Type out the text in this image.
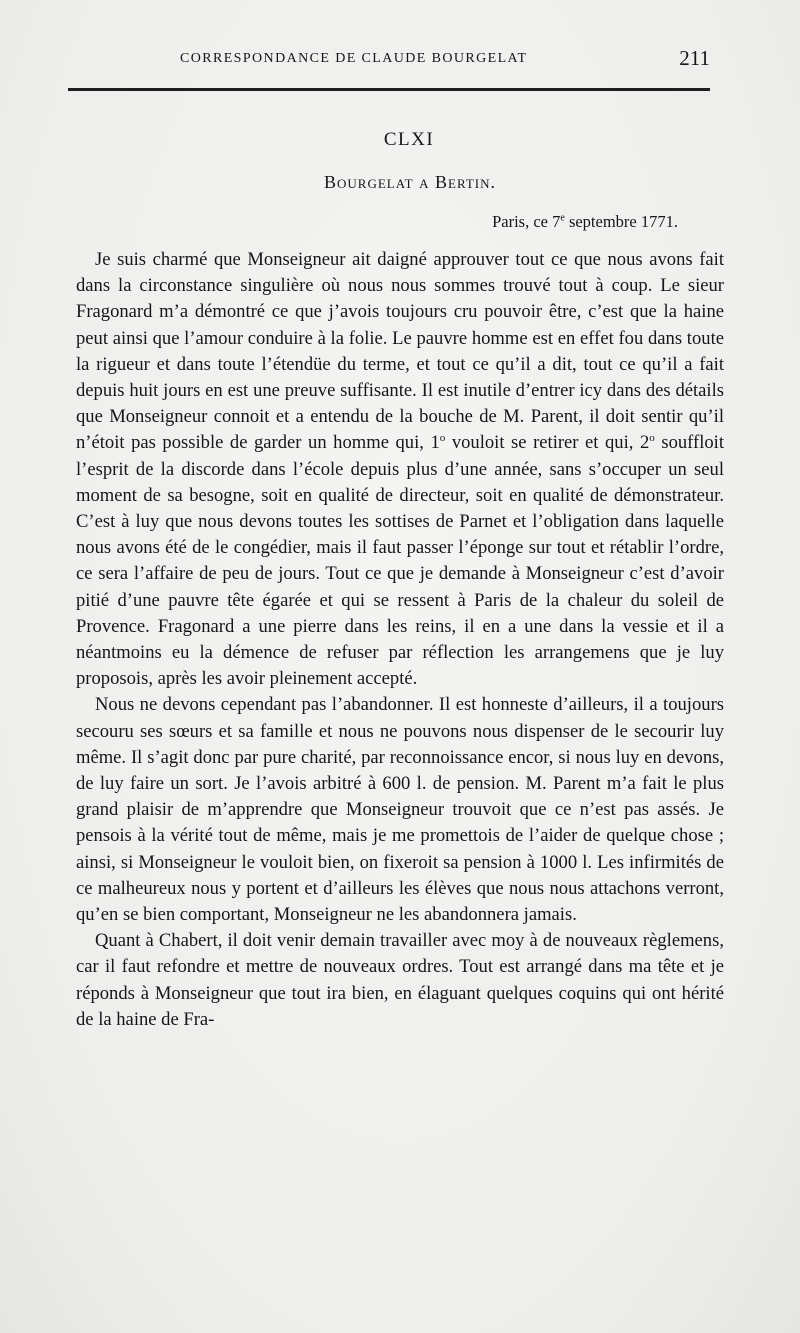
CORRESPONDANCE DE CLAUDE BOURGELAT	211
CLXI
Bourgelat a Bertin.
Paris, ce 7e septembre 1771.

Je suis charmé que Monseigneur ait daigné approuver tout ce que nous avons fait dans la circonstance singulière où nous nous sommes trouvé tout à coup. Le sieur Fragonard m’a démontré ce que j’avois toujours cru pouvoir être, c’est que la haine peut ainsi que l’amour conduire à la folie. Le pauvre homme est en effet fou dans toute la rigueur et dans toute l’étendüe du terme, et tout ce qu’il a dit, tout ce qu’il a fait depuis huit jours en est une preuve suffisante. Il est inutile d’entrer icy dans des détails que Monseigneur connoit et a entendu de la bouche de M. Parent, il doit sentir qu’il n’étoit pas possible de garder un homme qui, 1$^o$ vouloit se retirer et qui, 2$^o$ souffloit l’esprit de la discorde dans l’école depuis plus d’une année, sans s’occuper un seul moment de sa besogne, soit en qualité de directeur, soit en qualité de démonstrateur. C’est à luy que nous devons toutes les sottises de Parnet et l’obligation dans laquelle nous avons été de le congédier, mais il faut passer l’éponge sur tout et rétablir l’ordre, ce sera l’affaire de peu de jours. Tout ce que je demande à Monseigneur c’est d’avoir pitié d’une pauvre tête égarée et qui se ressent à Paris de la chaleur du soleil de Provence. Fragonard a une pierre dans les reins, il en a une dans la vessie et il a néantmoins eu la démence de refuser par réflection les arrangemens que je luy proposois, après les avoir pleinement accepté.

Nous ne devons cependant pas l’abandonner. Il est honneste d’ailleurs, il a toujours secouru ses sœurs et sa famille et nous ne pouvons nous dispenser de le secourir luy même. Il s’agit donc par pure charité, par reconnoissance encor, si nous luy en devons, de luy faire un sort. Je l’avois arbitré à 600 l. de pension. M. Parent m’a fait le plus grand plaisir de m’apprendre que Monseigneur trouvoit que ce n’est pas assés. Je pensois à la vérité tout de même, mais je me promettois de l’aider de quelque chose ; ainsi, si Monseigneur le vouloit bien, on fixeroit sa pension à 1000 l. Les infirmités de ce malheureux nous y portent et d’ailleurs les élèves que nous nous attachons verront, qu’en se bien comportant, Monseigneur ne les abandonnera jamais.

Quant à Chabert, il doit venir demain travailler avec moy à de nouveaux règlemens, car il faut refondre et mettre de nouveaux ordres. Tout est arrangé dans ma tête et je réponds à Monseigneur que tout ira bien, en élaguant quelques coquins qui ont hérité de la haine de Fra-
